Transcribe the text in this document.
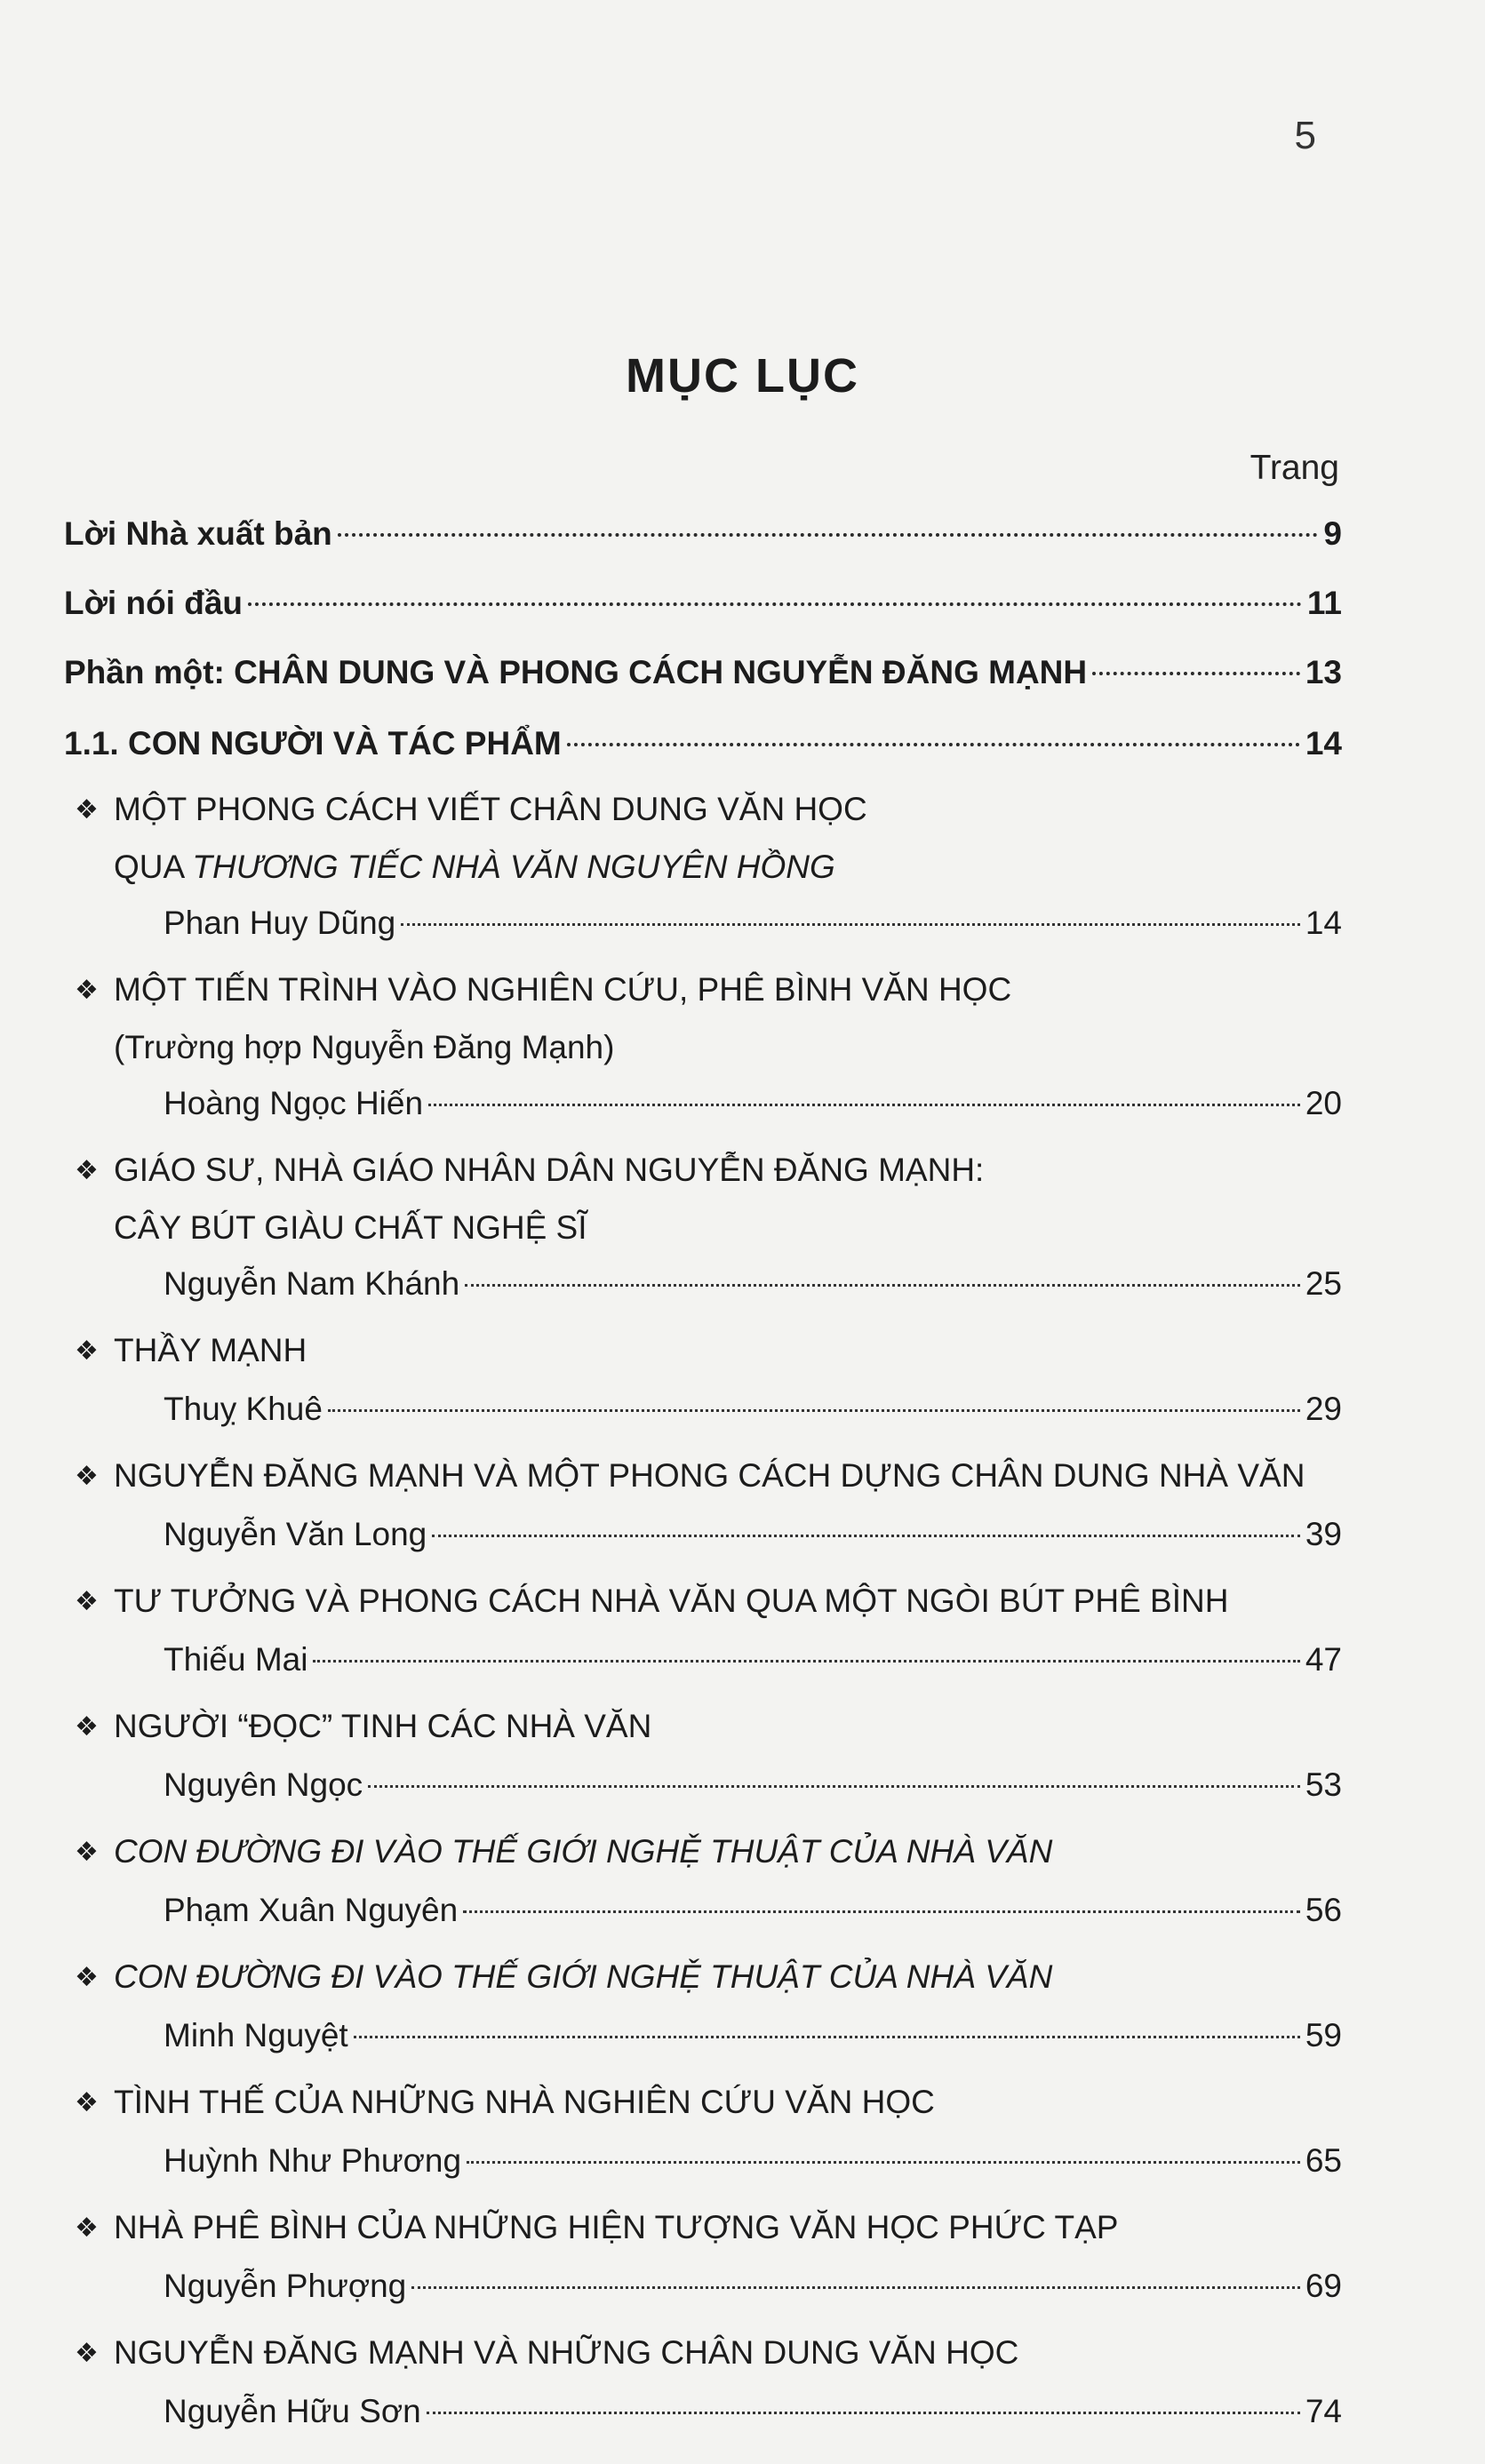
5
MỤC LỤC
Trang
Lời Nhà xuất bản	9
Lời nói đầu	11
Phần một: CHÂN DUNG VÀ PHONG CÁCH NGUYỄN ĐĂNG MẠNH	13
1.1. CON NGƯỜI VÀ TÁC PHẨM	14
❖ MỘT PHONG CÁCH VIẾT CHÂN DUNG VĂN HỌC
QUA THƯƠNG TIẾC NHÀ VĂN NGUYÊN HỒNG
Phan Huy Dũng	14
❖ MỘT TIẾN TRÌNH VÀO NGHIÊN CỨU, PHÊ BÌNH VĂN HỌC
(Trường hợp Nguyễn Đăng Mạnh)
Hoàng Ngọc Hiến	20
❖ GIÁO SƯ, NHÀ GIÁO NHÂN DÂN NGUYỄN ĐĂNG MẠNH:
CÂY BÚT GIÀU CHẤT NGHỆ SĨ
Nguyễn Nam Khánh	25
❖ THẦY MẠNH
Thuỵ Khuê	29
❖ NGUYỄN ĐĂNG MẠNH VÀ MỘT PHONG CÁCH DỰNG CHÂN DUNG NHÀ VĂN
Nguyễn Văn Long	39
❖ TƯ TƯỞNG VÀ PHONG CÁCH NHÀ VĂN QUA MỘT NGÒI BÚT PHÊ BÌNH
Thiếu Mai	47
❖ NGƯỜI “ĐỌC” TINH CÁC NHÀ VĂN
Nguyên Ngọc	53
❖ CON ĐƯỜNG ĐI VÀO THẾ GIỚI NGHỆ THUẬT CỦA NHÀ VĂN
Phạm Xuân Nguyên	56
❖ CON ĐƯỜNG ĐI VÀO THẾ GIỚI NGHỆ THUẬT CỦA NHÀ VĂN
Minh Nguyệt	59
❖ TÌNH THẾ CỦA NHỮNG NHÀ NGHIÊN CỨU VĂN HỌC
Huỳnh Như Phương	65
❖ NHÀ PHÊ BÌNH CỦA NHỮNG HIỆN TƯỢNG VĂN HỌC PHỨC TẠP
Nguyễn Phượng	69
❖ NGUYỄN ĐĂNG MẠNH VÀ NHỮNG CHÂN DUNG VĂN HỌC
Nguyễn Hữu Sơn	74
